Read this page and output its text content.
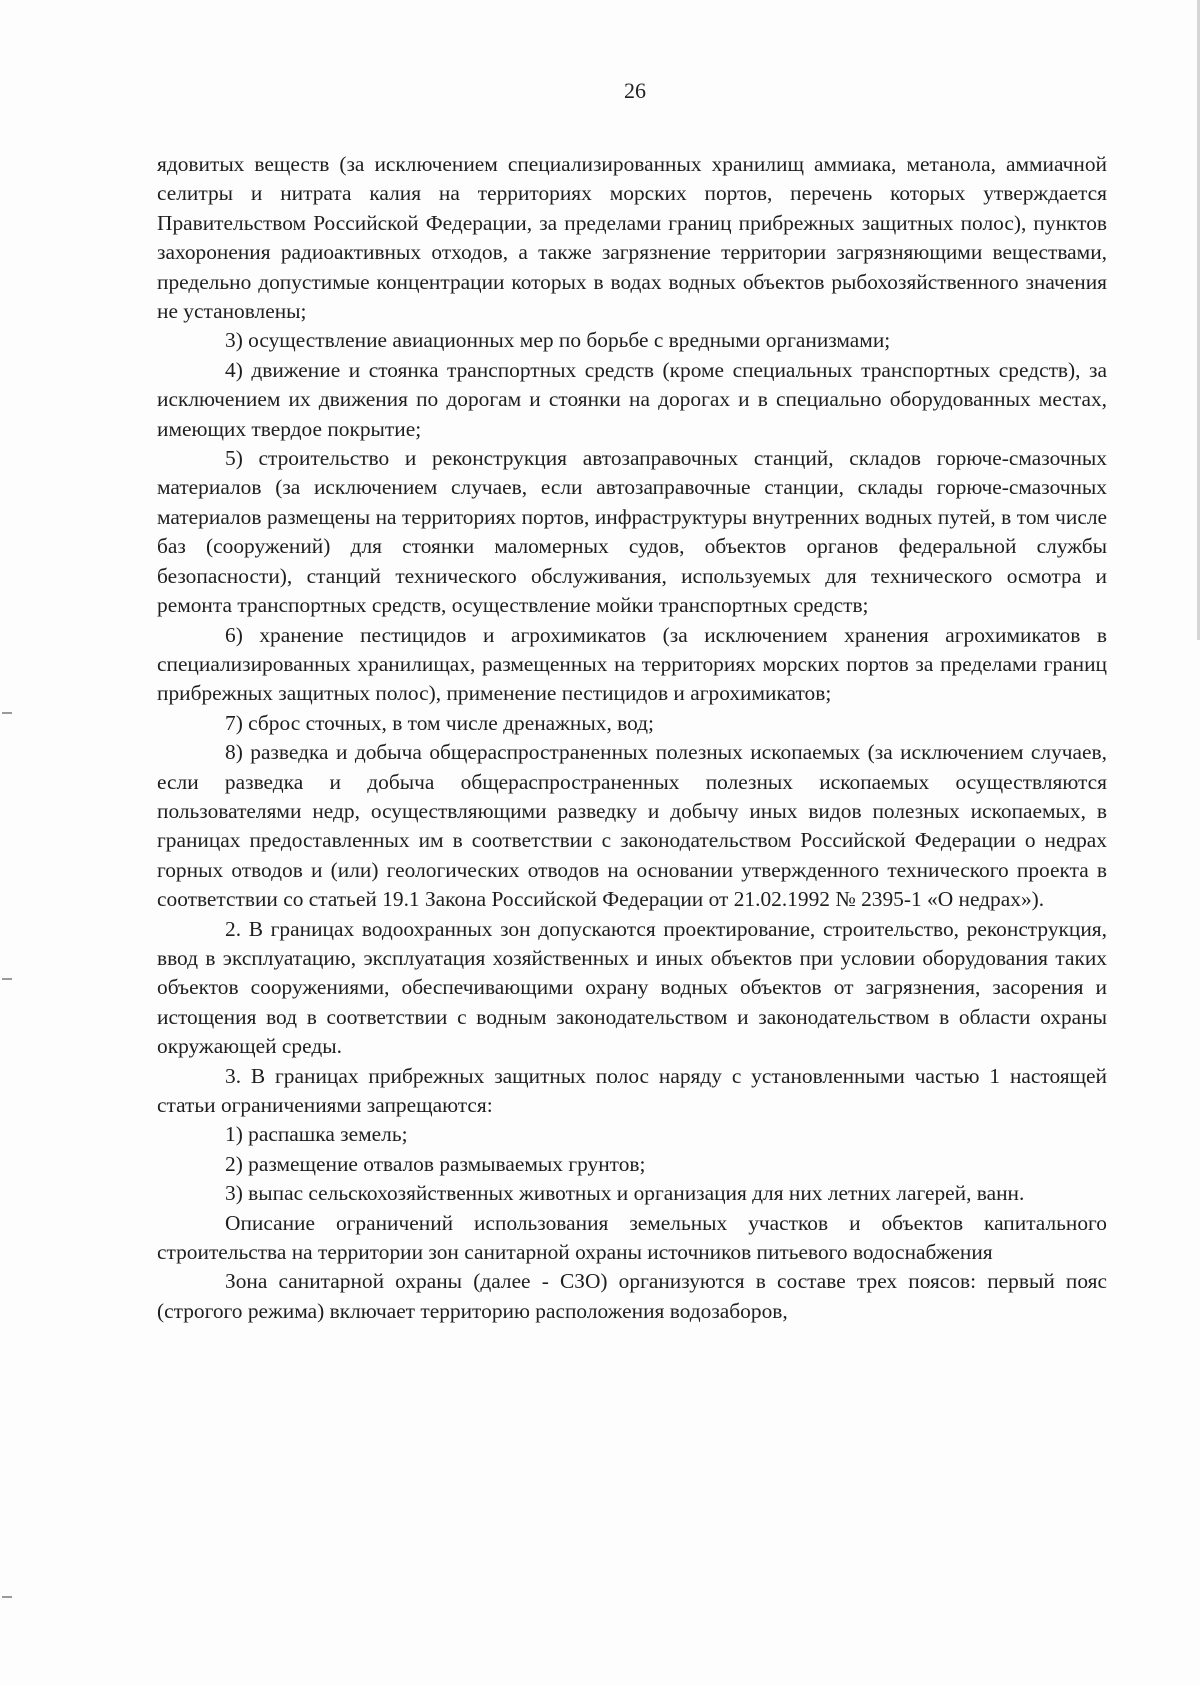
26

ядовитых веществ (за исключением специализированных хранилищ аммиака, метанола, аммиачной селитры и нитрата калия на территориях морских портов, перечень которых утверждается Правительством Российской Федерации, за пределами границ прибрежных защитных полос), пунктов захоронения радиоактивных отходов, а также загрязнение территории загрязняющими веществами, предельно допустимые концентрации которых в водах водных объектов рыбохозяйственного значения не установлены;

3) осуществление авиационных мер по борьбе с вредными организмами;

4) движение и стоянка транспортных средств (кроме специальных транспортных средств), за исключением их движения по дорогам и стоянки на дорогах и в специально оборудованных местах, имеющих твердое покрытие;

5) строительство и реконструкция автозаправочных станций, складов горюче-смазочных материалов (за исключением случаев, если автозаправочные станции, склады горюче-смазочных материалов размещены на территориях портов, инфраструктуры внутренних водных путей, в том числе баз (сооружений) для стоянки маломерных судов, объектов органов федеральной службы безопасности), станций технического обслуживания, используемых для технического осмотра и ремонта транспортных средств, осуществление мойки транспортных средств;

6) хранение пестицидов и агрохимикатов (за исключением хранения агрохимикатов в специализированных хранилищах, размещенных на территориях морских портов за пределами границ прибрежных защитных полос), применение пестицидов и агрохимикатов;

7) сброс сточных, в том числе дренажных, вод;

8) разведка и добыча общераспространенных полезных ископаемых (за исключением случаев, если разведка и добыча общераспространенных полезных ископаемых осуществляются пользователями недр, осуществляющими разведку и добычу иных видов полезных ископаемых, в границах предоставленных им в соответствии с законодательством Российской Федерации о недрах горных отводов и (или) геологических отводов на основании утвержденного технического проекта в соответствии со статьей 19.1 Закона Российской Федерации от 21.02.1992 № 2395-1 «О недрах»).

2. В границах водоохранных зон допускаются проектирование, строительство, реконструкция, ввод в эксплуатацию, эксплуатация хозяйственных и иных объектов при условии оборудования таких объектов сооружениями, обеспечивающими охрану водных объектов от загрязнения, засорения и истощения вод в соответствии с водным законодательством и законодательством в области охраны окружающей среды.

3. В границах прибрежных защитных полос наряду с установленными частью 1 настоящей статьи ограничениями запрещаются:

1) распашка земель;

2) размещение отвалов размываемых грунтов;

3) выпас сельскохозяйственных животных и организация для них летних лагерей, ванн.

Описание ограничений использования земельных участков и объектов капитального строительства на территории зон санитарной охраны источников питьевого водоснабжения

Зона санитарной охраны (далее - СЗО) организуются в составе трех поясов: первый пояс (строгого режима) включает территорию расположения водозаборов,
